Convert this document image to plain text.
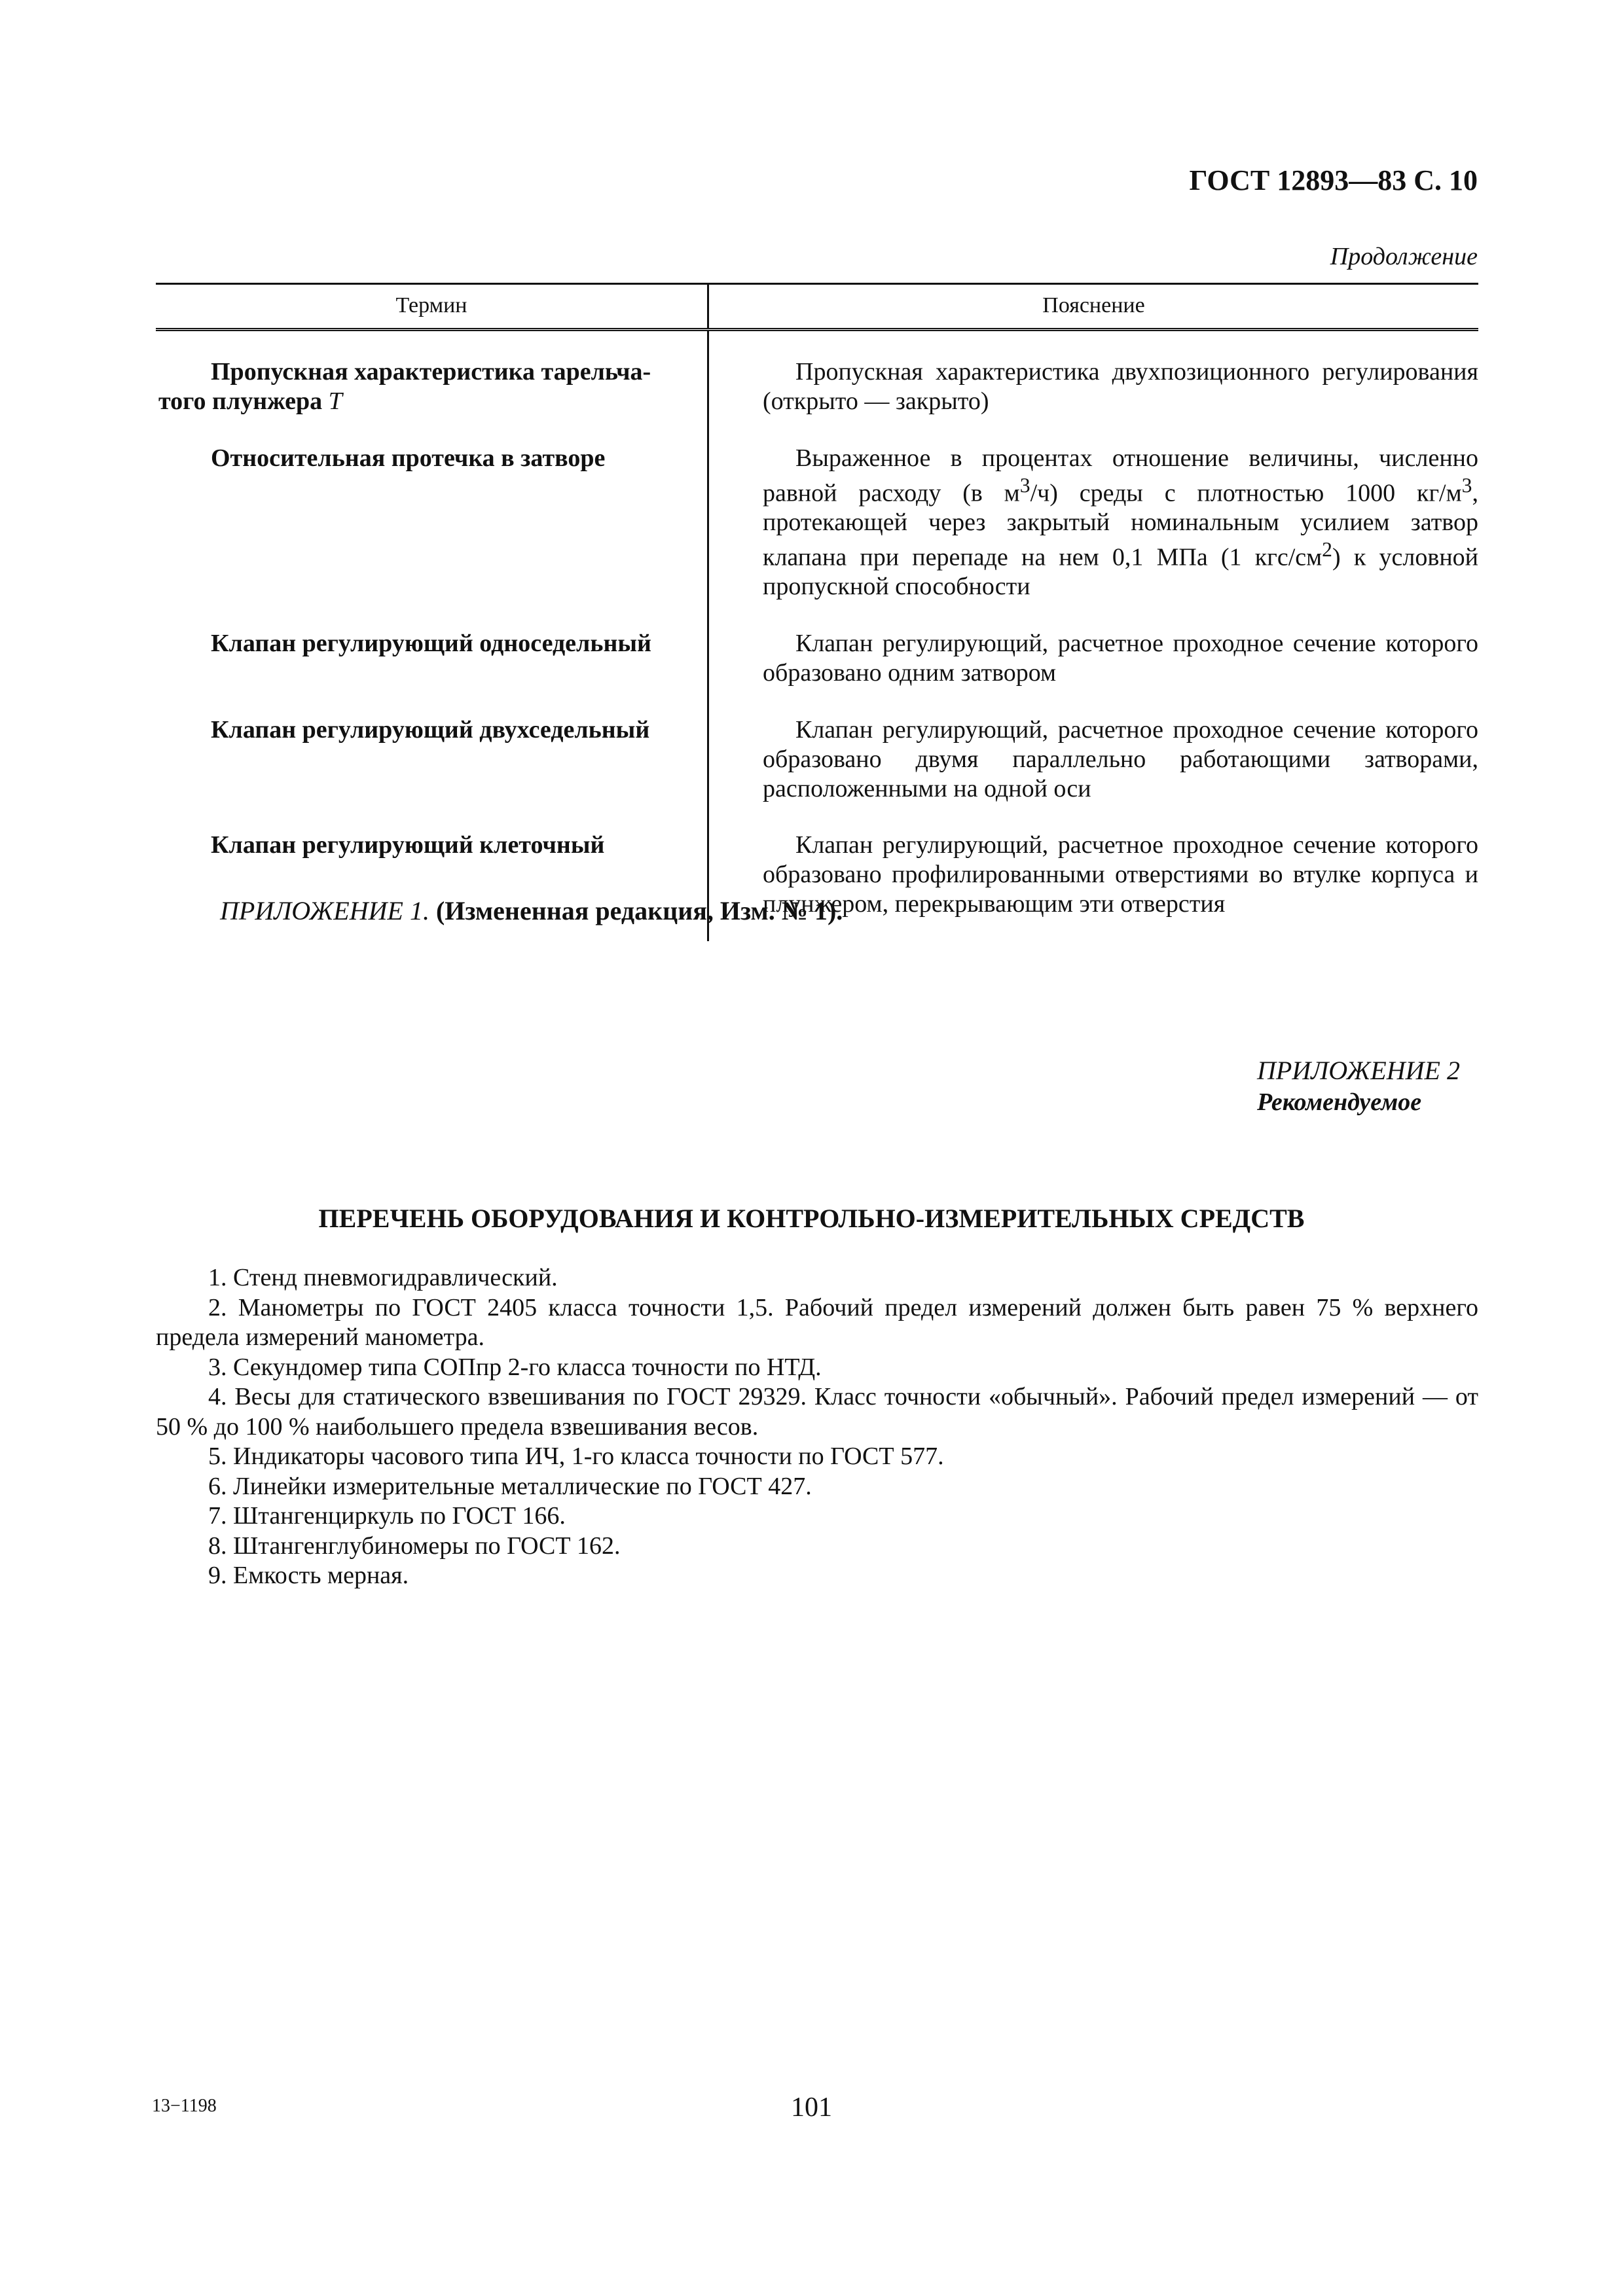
ГОСТ 12893—83 С. 10
Продолжение
Термин	Пояснение
Пропускная характеристика тарельча-того плунжера T	Пропускная характеристика двухпозиционного регулирования (открыто — закрыто)
Относительная протечка в затворе	Выраженное в процентах отношение величины, численно равной расходу (в $м^3/ч$) среды с плотностью 1000 $кг/м^3$, протекающей через закрытый номинальным усилием затвор клапана при перепаде на нем 0,1 МПа (1 кгс/$см^2$) к условной пропускной способности
Клапан регулирующий односедельный	Клапан регулирующий, расчетное проходное сечение которого образовано одним затвором
Клапан регулирующий двухседельный	Клапан регулирующий, расчетное проходное сечение которого образовано двумя параллельно работающими затворами, расположенными на одной оси
Клапан регулирующий клеточный	Клапан регулирующий, расчетное проходное сечение которого образовано профилированными отверстиями во втулке корпуса и плунжером, перекрывающим эти отверстия
ПРИЛОЖЕНИЕ 1. (Измененная редакция, Изм. № 1).
ПРИЛОЖЕНИЕ 2
Рекомендуемое
ПЕРЕЧЕНЬ ОБОРУДОВАНИЯ И КОНТРОЛЬНО-ИЗМЕРИТЕЛЬНЫХ СРЕДСТВ
1. Стенд пневмогидравлический.
2. Манометры по ГОСТ 2405 класса точности 1,5. Рабочий предел измерений должен быть равен 75 % верхнего предела измерений манометра.
3. Секундомер типа СОПпр 2-го класса точности по НТД.
4. Весы для статического взвешивания по ГОСТ 29329. Класс точности «обычный». Рабочий предел измерений — от 50 % до 100 % наибольшего предела взвешивания весов.
5. Индикаторы часового типа ИЧ, 1-го класса точности по ГОСТ 577.
6. Линейки измерительные металлические по ГОСТ 427.
7. Штангенциркуль по ГОСТ 166.
8. Штангенглубиномеры по ГОСТ 162.
9. Емкость мерная.
13−1198	101
